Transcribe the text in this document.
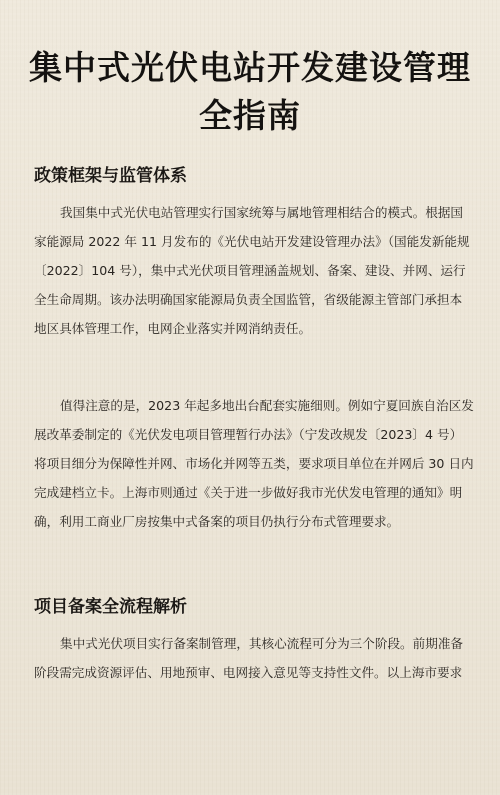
集中式光伏电站开发建设管理
全指南
政策框架与监管体系
我国集中式光伏电站管理实行国家统筹与属地管理相结合的模式。根据国
家能源局 2022 年 11 月发布的《光伏电站开发建设管理办法》（国能发新能规
〔2022〕104 号），集中式光伏项目管理涵盖规划、备案、建设、并网、运行
全生命周期。该办法明确国家能源局负责全国监管，省级能源主管部门承担本
地区具体管理工作，电网企业落实并网消纳责任。
值得注意的是，2023 年起多地出台配套实施细则。例如宁夏回族自治区发
展改革委制定的《光伏发电项目管理暂行办法》（宁发改规发〔2023〕4 号）
将项目细分为保障性并网、市场化并网等五类，要求项目单位在并网后 30 日内
完成建档立卡。上海市则通过《关于进一步做好我市光伏发电管理的通知》明
确，利用工商业厂房按集中式备案的项目仍执行分布式管理要求。
项目备案全流程解析
集中式光伏项目实行备案制管理，其核心流程可分为三个阶段。前期准备
阶段需完成资源评估、用地预审、电网接入意见等支持性文件。以上海市要求
